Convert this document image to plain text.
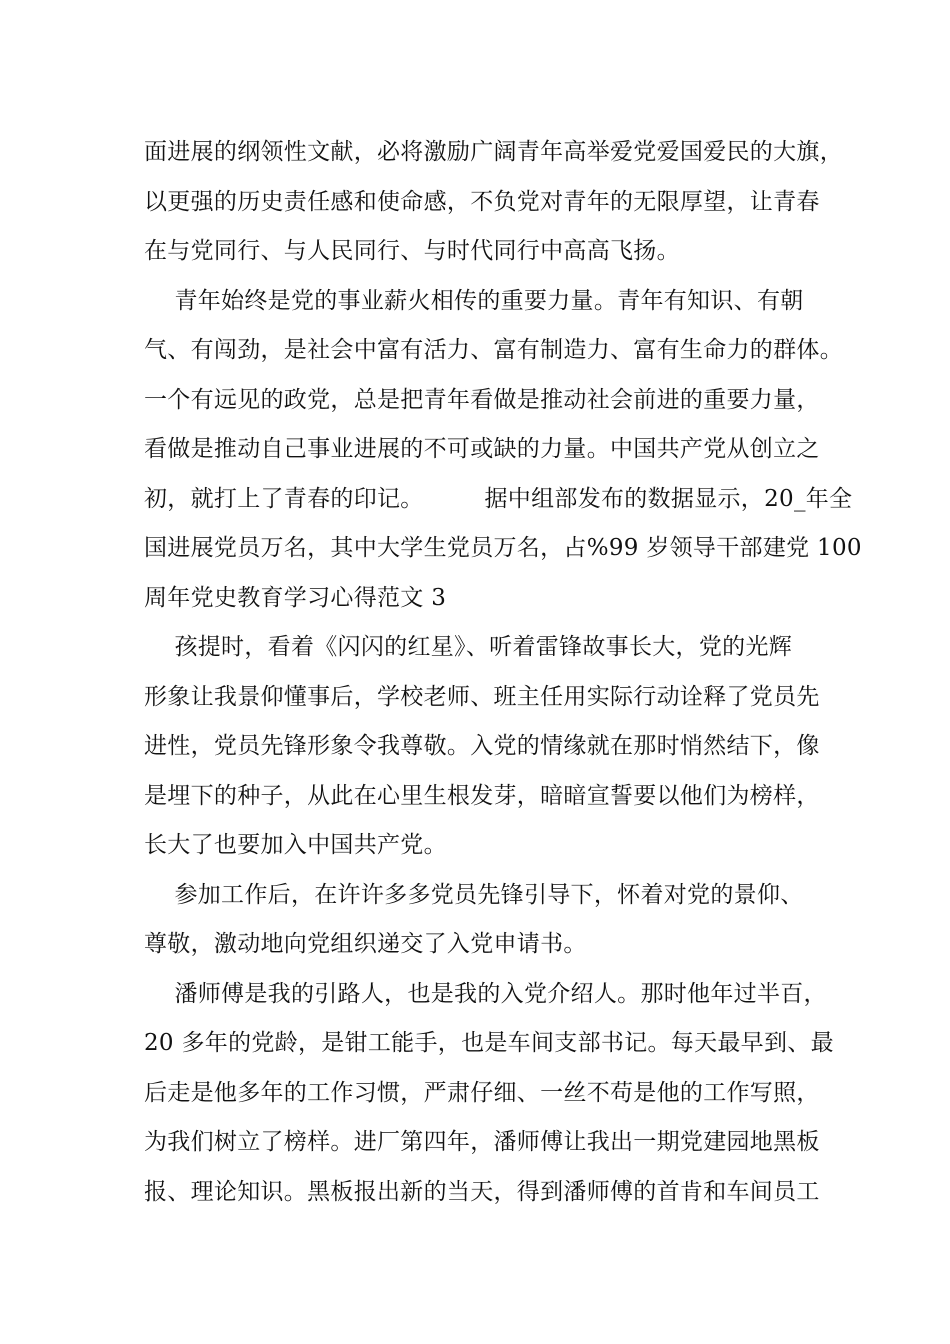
面进展的纲领性文献，必将激励广阔青年高举爱党爱国爱民的大旗，
以更强的历史责任感和使命感，不负党对青年的无限厚望，让青春
在与党同行、与人民同行、与时代同行中高高飞扬。
青年始终是党的事业薪火相传的重要力量。青年有知识、有朝
气、有闯劲，是社会中富有活力、富有制造力、富有生命力的群体。
一个有远见的政党，总是把青年看做是推动社会前进的重要力量，
看做是推动自己事业进展的不可或缺的力量。中国共产党从创立之
初，就打上了青春的印记。        据中组部发布的数据显示，20_年全
国进展党员万名，其中大学生党员万名，占%99 岁领导干部建党 100
周年党史教育学习心得范文 3
孩提时，看着《闪闪的红星》、听着雷锋故事长大，党的光辉
形象让我景仰懂事后，学校老师、班主任用实际行动诠释了党员先
进性，党员先锋形象令我尊敬。入党的情缘就在那时悄然结下，像
是埋下的种子，从此在心里生根发芽，暗暗宣誓要以他们为榜样，
长大了也要加入中国共产党。
参加工作后，在许许多多党员先锋引导下，怀着对党的景仰、
尊敬，激动地向党组织递交了入党申请书。
潘师傅是我的引路人，也是我的入党介绍人。那时他年过半百，
20 多年的党龄，是钳工能手，也是车间支部书记。每天最早到、最
后走是他多年的工作习惯，严肃仔细、一丝不苟是他的工作写照，
为我们树立了榜样。进厂第四年，潘师傅让我出一期党建园地黑板
报、理论知识。黑板报出新的当天，得到潘师傅的首肯和车间员工
